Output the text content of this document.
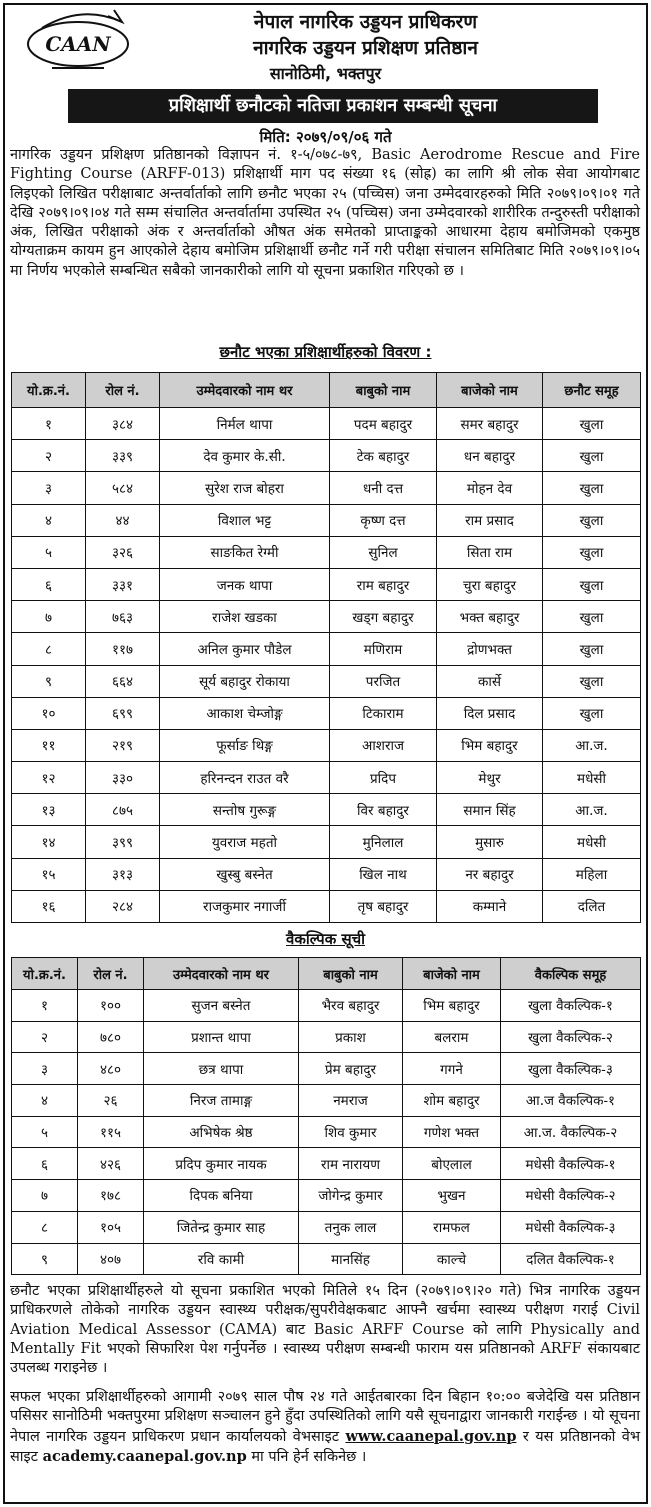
CAAN
नेपाल नागरिक उड्डयन प्राधिकरण
नागरिक उड्डयन प्रशिक्षण प्रतिष्ठान
सानोठिमी, भक्तपुर
प्रशिक्षार्थी छनौटको नतिजा प्रकाशन सम्बन्धी सूचना
मिति: २०७९/०९/०६ गते

नागरिक उड्डयन प्रशिक्षण प्रतिष्ठानको विज्ञापन नं. १-५/०७८-७९, Basic Aerodrome Rescue and Fire Fighting Course (ARFF-013) प्रशिक्षार्थी माग पद संख्या १६ (सोह्र) का लागि श्री लोक सेवा आयोगबाट लिइएको लिखित परीक्षाबाट अन्तर्वार्ताको लागि छनौट भएका २५ (पच्चिस) जना उम्मेदवारहरुको मिति २०७९।०९।०१ गते देखि २०७९।०९।०४ गते सम्म संचालित अन्तर्वार्तामा उपस्थित २५ (पच्चिस) जना उम्मेदवारको शारीरिक तन्दुरुस्ती परीक्षाको अंक, लिखित परीक्षाको अंक र अन्तर्वार्ताको औषत अंक समेतको प्राप्ताङ्कको आधारमा देहाय बमोजिमको एकमुष्ठ योग्यताक्रम कायम हुन आएकोले देहाय बमोजिम प्रशिक्षार्थी छनौट गर्ने गरी परीक्षा संचालन समितिबाट मिति २०७९।०९।०५ मा निर्णय भएकोले सम्बन्धित सबैको जानकारीको लागि यो सूचना प्रकाशित गरिएको छ ।

छनौट भएका प्रशिक्षार्थीहरुको विवरण :
यो.क्र.नं.	रोल नं.	उम्मेदवारको नाम थर	बाबुको नाम	बाजेको नाम	छनौट समूह
१	३८४	निर्मल थापा	पदम बहादुर	समर बहादुर	खुला
२	३३९	देव कुमार के.सी.	टेक बहादुर	धन बहादुर	खुला
३	५८४	सुरेश राज बोहरा	धनी दत्त	मोहन देव	खुला
४	४४	विशाल भट्ट	कृष्ण दत्त	राम प्रसाद	खुला
५	३२६	साङकित रेग्मी	सुनिल	सिता राम	खुला
६	३३१	जनक थापा	राम बहादुर	चुरा बहादुर	खुला
७	७६३	राजेश खडका	खड्ग बहादुर	भक्त बहादुर	खुला
८	११७	अनिल कुमार पौडेल	मणिराम	द्रोणभक्त	खुला
९	६६४	सूर्य बहादुर रोकाया	परजित	कार्से	खुला
१०	६९९	आकाश चेम्जोङ्ग	टिकाराम	दिल प्रसाद	खुला
११	२१९	फूर्साङ थिङ्ग	आशराज	भिम बहादुर	आ.ज.
१२	३३०	हरिनन्दन राउत वरै	प्रदिप	मेथुर	मधेसी
१३	८७५	सन्तोष गुरूङ्ग	विर बहादुर	समान सिंह	आ.ज.
१४	३९९	युवराज महतो	मुनिलाल	मुसारु	मधेसी
१५	३१३	खुस्बु बस्नेत	खिल नाथ	नर बहादुर	महिला
१६	२८४	राजकुमार नगार्जी	तृष बहादुर	कम्माने	दलित
वैकल्पिक सूची
यो.क्र.नं.	रोल नं.	उम्मेदवारको नाम थर	बाबुको नाम	बाजेको नाम	वैकल्पिक समूह
१	१००	सुजन बस्नेत	भैरव बहादुर	भिम बहादुर	खुला वैकल्पिक-१
२	७८०	प्रशान्त थापा	प्रकाश	बलराम	खुला वैकल्पिक-२
३	४८०	छत्र थापा	प्रेम बहादुर	गगने	खुला वैकल्पिक-३
४	२६	निरज तामाङ्ग	नमराज	शोम बहादुर	आ.ज वैकल्पिक-१
५	११५	अभिषेक श्रेष्ठ	शिव कुमार	गणेश भक्त	आ.ज. वैकल्पिक-२
६	४२६	प्रदिप कुमार नायक	राम नारायण	बोएलाल	मधेसी वैकल्पिक-१
७	१७८	दिपक बनिया	जोगेन्द्र कुमार	भुखन	मधेसी वैकल्पिक-२
८	१०५	जितेन्द्र कुमार साह	तनुक लाल	रामफल	मधेसी वैकल्पिक-३
९	४०७	रवि कामी	मानसिंह	काल्चे	दलित वैकल्पिक-१

छनौट भएका प्रशिक्षार्थीहरुले यो सूचना प्रकाशित भएको मितिले १५ दिन (२०७९।०९।२० गते) भित्र नागरिक उड्डयन प्राधिकरणले तोकेको नागरिक उड्डयन स्वास्थ्य परीक्षक/सुपरीवेक्षकबाट आफ्नै खर्चमा स्वास्थ्य परीक्षण गराई Civil Aviation Medical Assessor (CAMA) बाट Basic ARFF Course को लागि Physically and Mentally Fit भएको सिफारिश पेश गर्नुपर्नेछ । स्वास्थ्य परीक्षण सम्बन्धी फाराम यस प्रतिष्ठानको ARFF संकायबाट उपलब्ध गराइनेछ ।

सफल भएका प्रशिक्षार्थीहरुको आगामी २०७९ साल पौष २४ गते आईतबारका दिन बिहान १०:०० बजेदेखि यस प्रतिष्ठान पसिसर सानोठिमी भक्तपुरमा प्रशिक्षण सञ्चालन हुने हुँदा उपस्थितिको लागि यसै सूचनाद्वारा जानकारी गराईन्छ । यो सूचना नेपाल नागरिक उड्डयन प्राधिकरण प्रधान कार्यालयको वेभसाइट www.caanepal.gov.np र यस प्रतिष्ठानको वेभ साइट academy.caanepal.gov.np मा पनि हेर्न सकिनेछ ।
